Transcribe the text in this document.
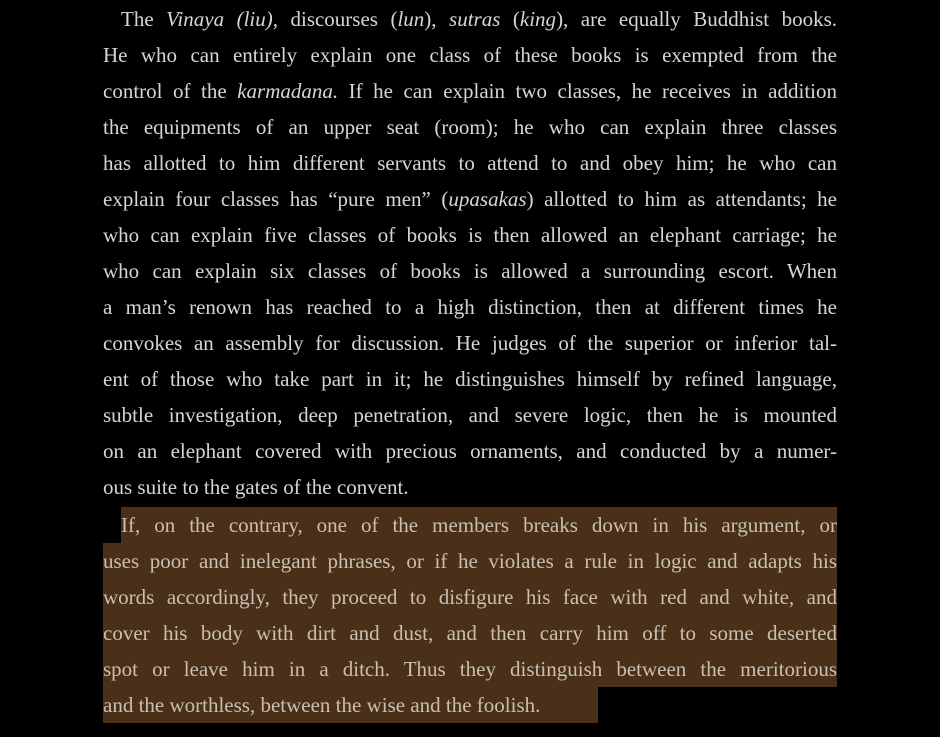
The Vinaya (liu), discourses (lun), sutras (king), are equally Buddhist books.
He who can entirely explain one class of these books is exempted from the
control of the karmadana. If he can explain two classes, he receives in addition
the equipments of an upper seat (room); he who can explain three classes
has allotted to him different servants to attend to and obey him; he who can
explain four classes has “pure men” (upasakas) allotted to him as attendants; he
who can explain five classes of books is then allowed an elephant carriage; he
who can explain six classes of books is allowed a surrounding escort. When
a man’s renown has reached to a high distinction, then at different times he
convokes an assembly for discussion. He judges of the superior or inferior tal-
ent of those who take part in it; he distinguishes himself by refined language,
subtle investigation, deep penetration, and severe logic, then he is mounted
on an elephant covered with precious ornaments, and conducted by a numer-
ous suite to the gates of the convent.
If, on the contrary, one of the members breaks down in his argument, or
uses poor and inelegant phrases, or if he violates a rule in logic and adapts his
words accordingly, they proceed to disfigure his face with red and white, and
cover his body with dirt and dust, and then carry him off to some deserted
spot or leave him in a ditch. Thus they distinguish between the meritorious
and the worthless, between the wise and the foolish.
